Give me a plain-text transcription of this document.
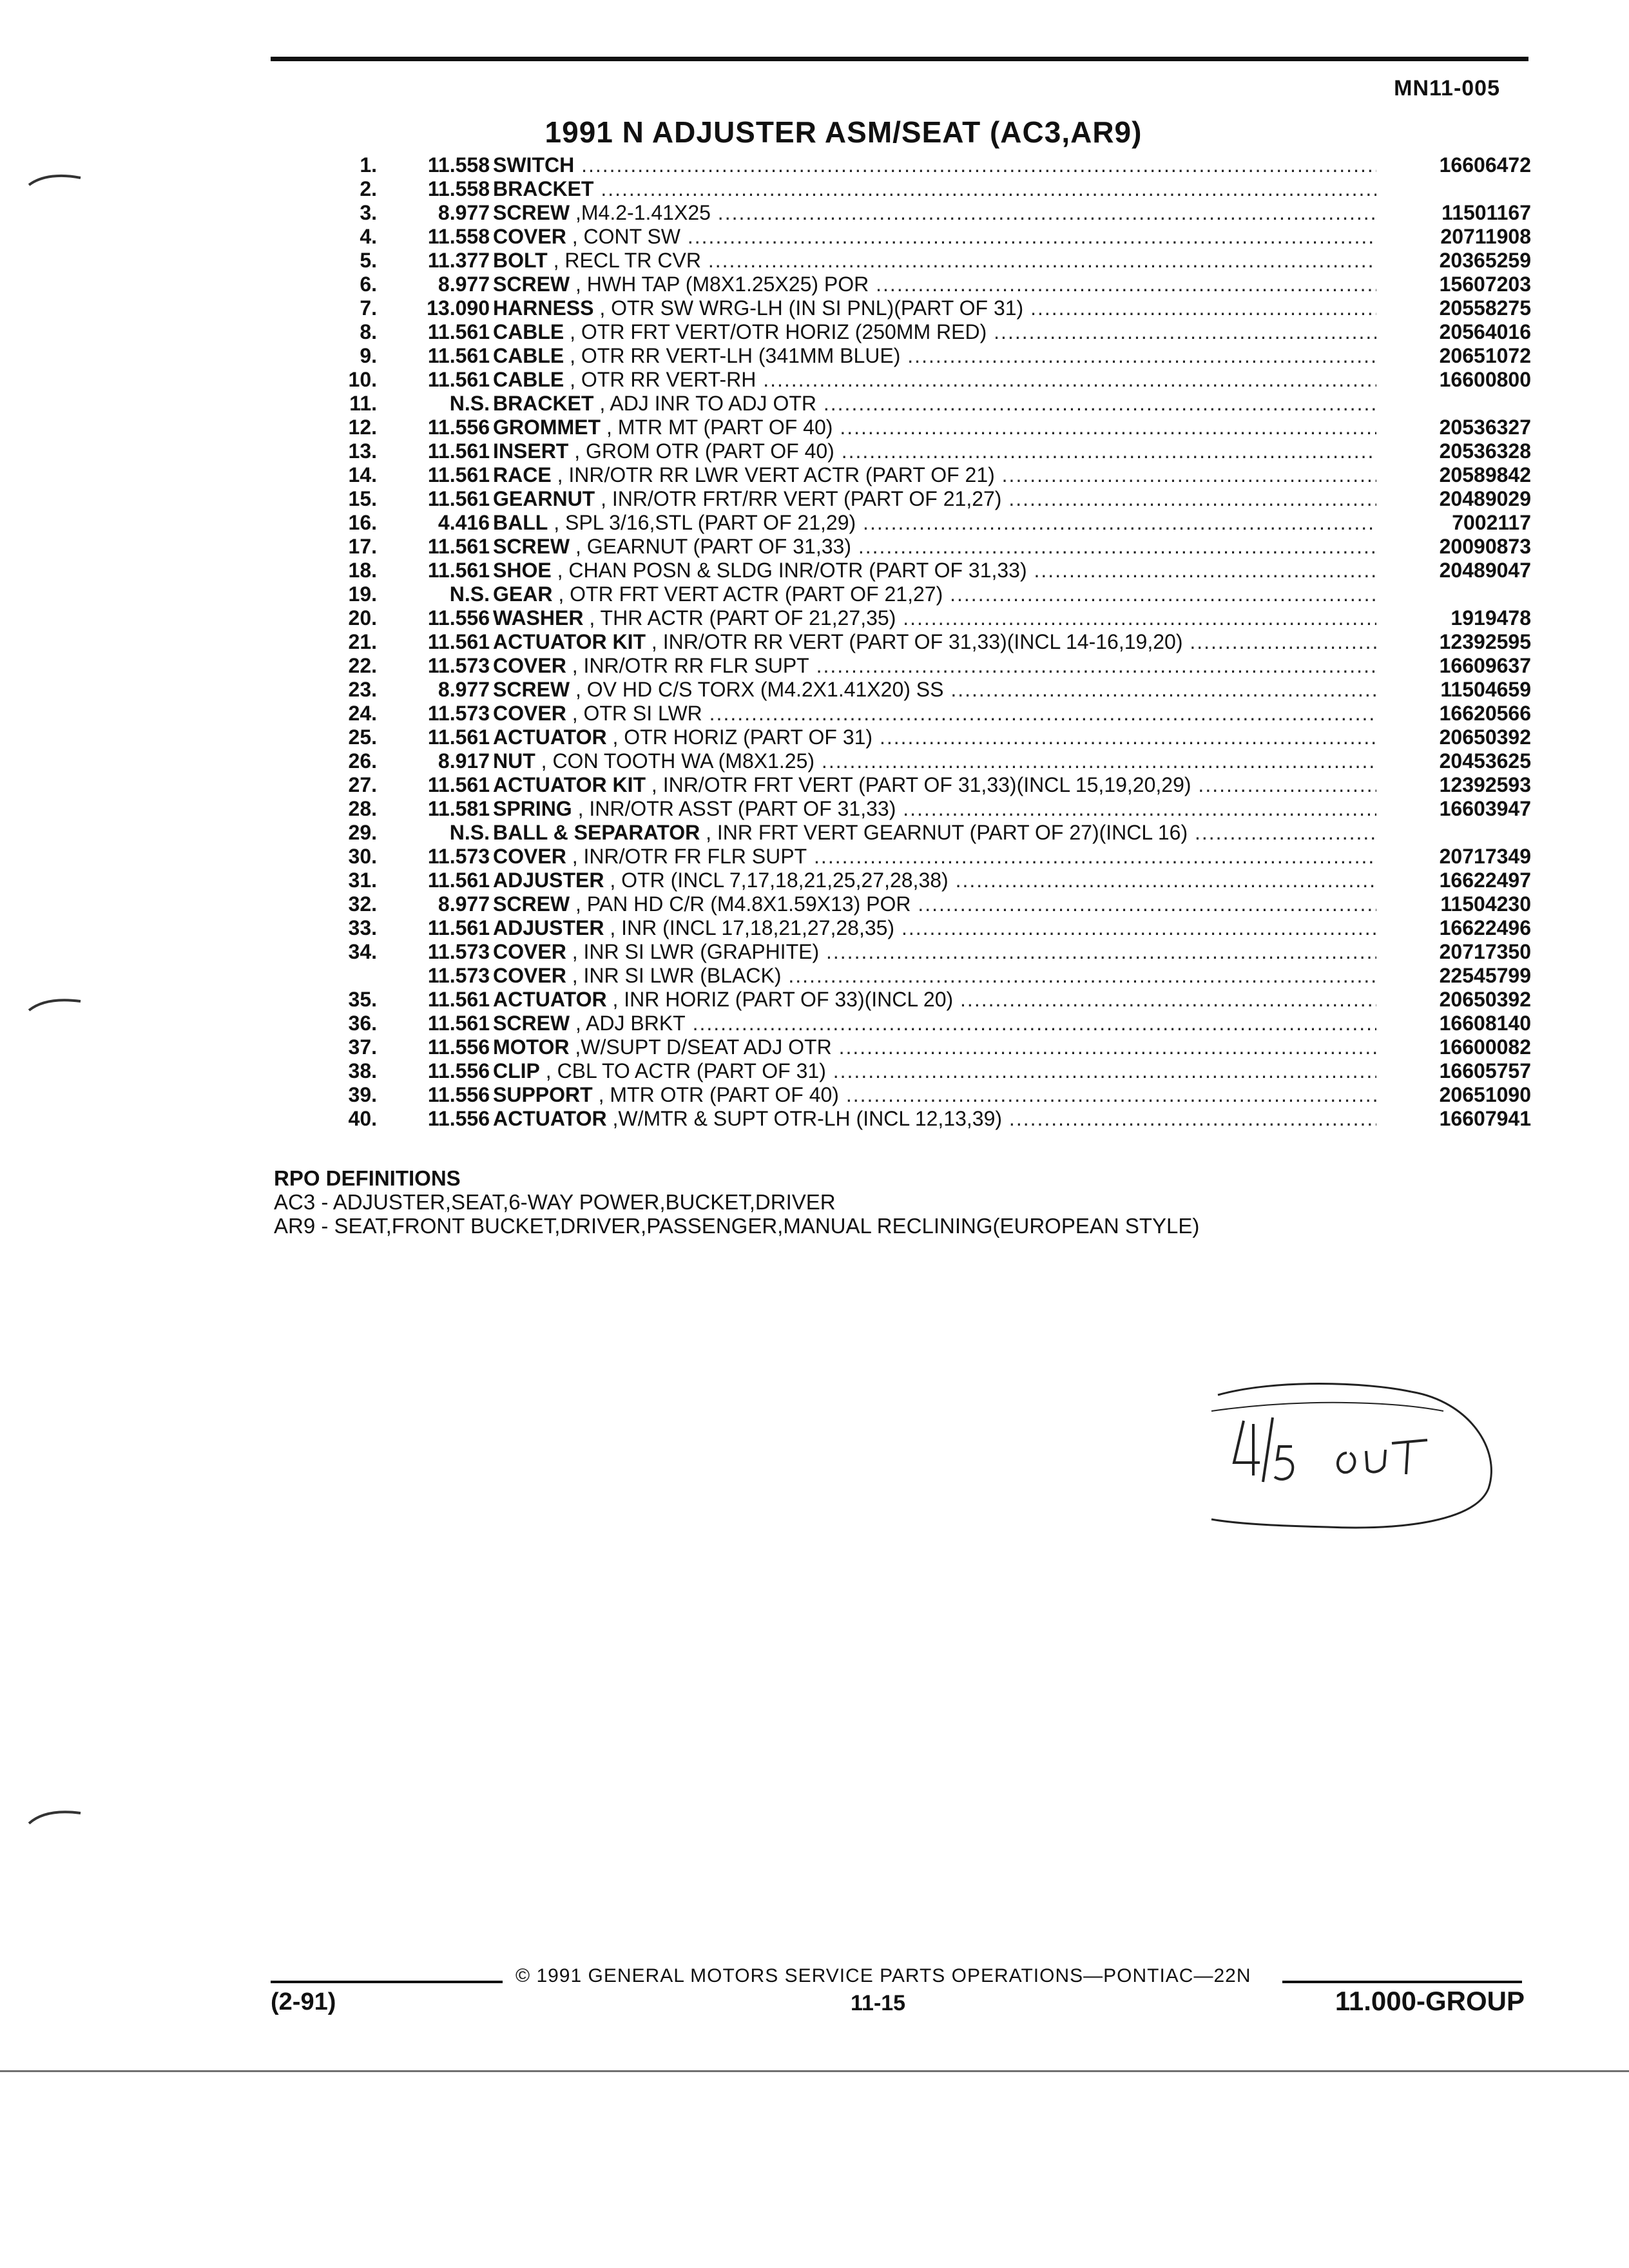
MN11-005
1991 N ADJUSTER ASM/SEAT (AC3,AR9)
1.	11.558 SWITCH .....	16606472
2.	11.558 BRACKET .....
3.	8.977 SCREW ,M4.2-1.41X25 .....	11501167
4.	11.558 COVER , CONT SW .....	20711908
5.	11.377 BOLT , RECL TR CVR .....	20365259
6.	8.977 SCREW , HWH TAP (M8X1.25X25) POR .....	15607203
7.	13.090 HARNESS , OTR SW WRG-LH (IN SI PNL)(PART OF 31) .....	20558275
8.	11.561 CABLE , OTR FRT VERT/OTR HORIZ (250MM RED) .....	20564016
9.	11.561 CABLE , OTR RR VERT-LH (341MM BLUE) .....	20651072
10.	11.561 CABLE , OTR RR VERT-RH .....	16600800
11.	N.S. BRACKET , ADJ INR TO ADJ OTR .....
12.	11.556 GROMMET , MTR MT (PART OF 40) .....	20536327
13.	11.561 INSERT , GROM OTR (PART OF 40) .....	20536328
14.	11.561 RACE , INR/OTR RR LWR VERT ACTR (PART OF 21) .....	20589842
15.	11.561 GEARNUT , INR/OTR FRT/RR VERT (PART OF 21,27) .....	20489029
16.	4.416 BALL , SPL 3/16,STL (PART OF 21,29) .....	7002117
17.	11.561 SCREW , GEARNUT (PART OF 31,33) .....	20090873
18.	11.561 SHOE , CHAN POSN & SLDG INR/OTR (PART OF 31,33) .....	20489047
19.	N.S. GEAR , OTR FRT VERT ACTR (PART OF 21,27) .....
20.	11.556 WASHER , THR ACTR (PART OF 21,27,35) .....	1919478
21.	11.561 ACTUATOR KIT , INR/OTR RR VERT (PART OF 31,33)(INCL 14-16,19,20) .....	12392595
22.	11.573 COVER , INR/OTR RR FLR SUPT .....	16609637
23.	8.977 SCREW , OV HD C/S TORX (M4.2X1.41X20) SS .....	11504659
24.	11.573 COVER , OTR SI LWR .....	16620566
25.	11.561 ACTUATOR , OTR HORIZ (PART OF 31) .....	20650392
26.	8.917 NUT , CON TOOTH WA (M8X1.25) .....	20453625
27.	11.561 ACTUATOR KIT , INR/OTR FRT VERT (PART OF 31,33)(INCL 15,19,20,29) .....	12392593
28.	11.581 SPRING , INR/OTR ASST (PART OF 31,33) .....	16603947
29.	N.S. BALL & SEPARATOR , INR FRT VERT GEARNUT (PART OF 27)(INCL 16) .....
30.	11.573 COVER , INR/OTR FR FLR SUPT .....	20717349
31.	11.561 ADJUSTER , OTR (INCL 7,17,18,21,25,27,28,38) .....	16622497
32.	8.977 SCREW , PAN HD C/R (M4.8X1.59X13) POR .....	11504230
33.	11.561 ADJUSTER , INR (INCL 17,18,21,27,28,35) .....	16622496
34.	11.573 COVER , INR SI LWR (GRAPHITE) .....	20717350
11.573 COVER , INR SI LWR (BLACK) .....	22545799
35.	11.561 ACTUATOR , INR HORIZ (PART OF 33)(INCL 20) .....	20650392
36.	11.561 SCREW , ADJ BRKT .....	16608140
37.	11.556 MOTOR ,W/SUPT D/SEAT ADJ OTR .....	16600082
38.	11.556 CLIP , CBL TO ACTR (PART OF 31) .....	16605757
39.	11.556 SUPPORT , MTR OTR (PART OF 40) .....	20651090
40.	11.556 ACTUATOR ,W/MTR & SUPT OTR-LH (INCL 12,13,39) .....	16607941
RPO DEFINITIONS
AC3 - ADJUSTER,SEAT,6-WAY POWER,BUCKET,DRIVER
AR9 - SEAT,FRONT BUCKET,DRIVER,PASSENGER,MANUAL RECLINING(EUROPEAN STYLE)
© 1991 GENERAL MOTORS SERVICE PARTS OPERATIONS—PONTIAC—22N
(2-91)	11-15	11.000-GROUP
